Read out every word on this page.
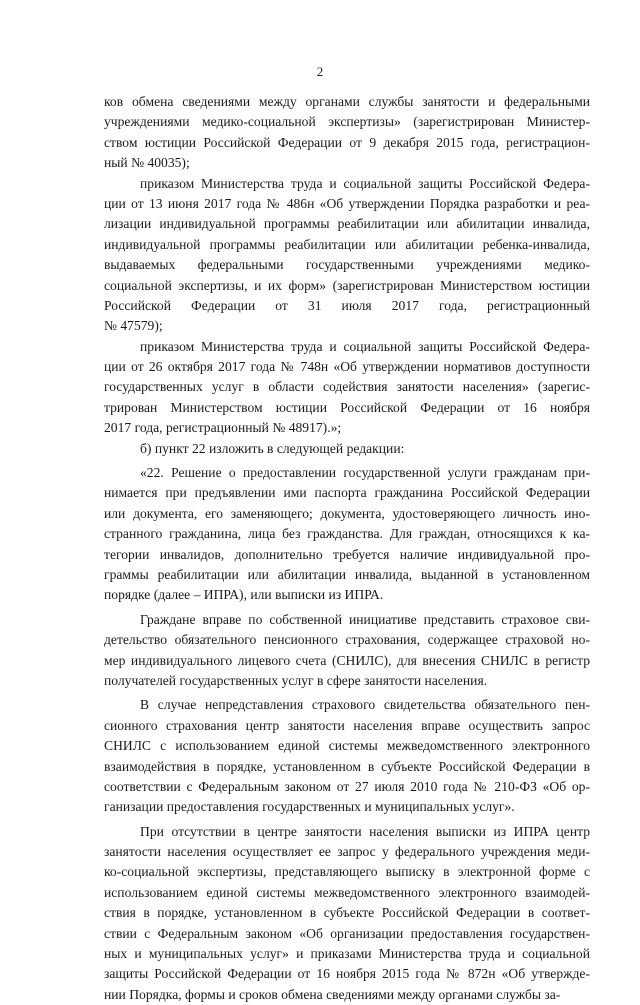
2
ков обмена сведениями между органами службы занятости и федеральными
учреждениями медико-социальной экспертизы» (зарегистрирован Министер-
ством юстиции Российской Федерации от 9 декабря 2015 года, регистрацион-
ный № 40035);
приказом Министерства труда и социальной защиты Российской Федера-
ции от 13 июня 2017 года № 486н «Об утверждении Порядка разработки и реа-
лизации индивидуальной программы реабилитации или абилитации инвалида,
индивидуальной программы реабилитации или абилитации ребенка-инвалида,
выдаваемых федеральными государственными учреждениями медико-
социальной экспертизы, и их форм» (зарегистрирован Министерством юстиции
Российской Федерации от 31 июля 2017 года, регистрационный
№ 47579);
приказом Министерства труда и социальной защиты Российской Федера-
ции от 26 октября 2017 года № 748н «Об утверждении нормативов доступности
государственных услуг в области содействия занятости населения» (зарегис-
трирован Министерством юстиции Российской Федерации от 16 ноября
2017 года, регистрационный № 48917).»;
б) пункт 22 изложить в следующей редакции:
«22. Решение о предоставлении государственной услуги гражданам при-
нимается при предъявлении ими паспорта гражданина Российской Федерации
или документа, его заменяющего; документа, удостоверяющего личность ино-
странного гражданина, лица без гражданства. Для граждан, относящихся к ка-
тегории инвалидов, дополнительно требуется наличие индивидуальной про-
граммы реабилитации или абилитации инвалида, выданной в установленном
порядке (далее – ИПРА), или выписки из ИПРА.
Граждане вправе по собственной инициативе представить страховое сви-
детельство обязательного пенсионного страхования, содержащее страховой но-
мер индивидуального лицевого счета (СНИЛС), для внесения СНИЛС в регистр
получателей государственных услуг в сфере занятости населения.
В случае непредставления страхового свидетельства обязательного пен-
сионного страхования центр занятости населения вправе осуществить запрос
СНИЛС с использованием единой системы межведомственного электронного
взаимодействия в порядке, установленном в субъекте Российской Федерации в
соответствии с Федеральным законом от 27 июля 2010 года № 210-ФЗ «Об ор-
ганизации предоставления государственных и муниципальных услуг».
При отсутствии в центре занятости населения выписки из ИПРА центр
занятости населения осуществляет ее запрос у федерального учреждения меди-
ко-социальной экспертизы, представляющего выписку в электронной форме с
использованием единой системы межведомственного электронного взаимодей-
ствия в порядке, установленном в субъекте Российской Федерации в соответ-
ствии с Федеральным законом «Об организации предоставления государствен-
ных и муниципальных услуг» и приказами Министерства труда и социальной
защиты Российской Федерации от 16 ноября 2015 года № 872н «Об утвержде-
нии Порядка, формы и сроков обмена сведениями между органами службы за-
